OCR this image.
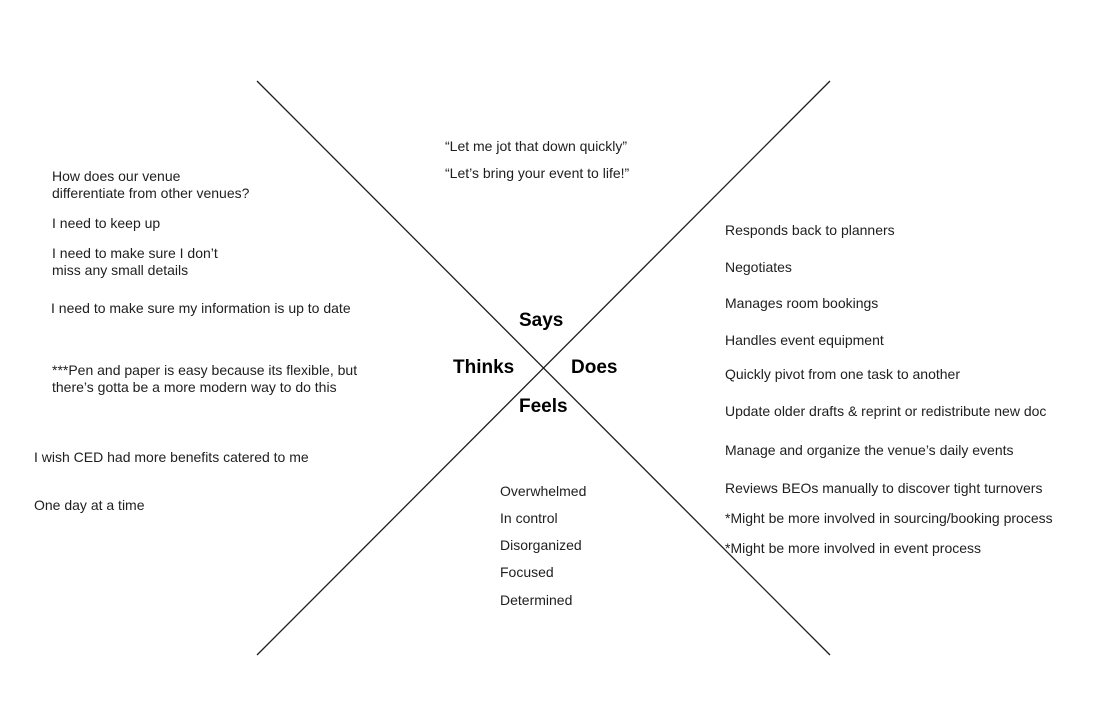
Says
Thinks	Does
Feels
“Let me jot that down quickly”
“Let’s bring your event to life!”
How does our venue
differentiate from other venues?
I need to keep up
I need to make sure I don’t
miss any small details
I need to make sure my information is up to date
***Pen and paper is easy because its flexible, but
there’s gotta be a more modern way to do this
I wish CED had more benefits catered to me
One day at a time
Responds back to planners
Negotiates
Manages room bookings
Handles event equipment
Quickly pivot from one task to another
Update older drafts & reprint or redistribute new doc
Manage and organize the venue’s daily events
Reviews BEOs manually to discover tight turnovers
*Might be more involved in sourcing/booking process
*Might be more involved in event process
Overwhelmed
In control
Disorganized
Focused
Determined
